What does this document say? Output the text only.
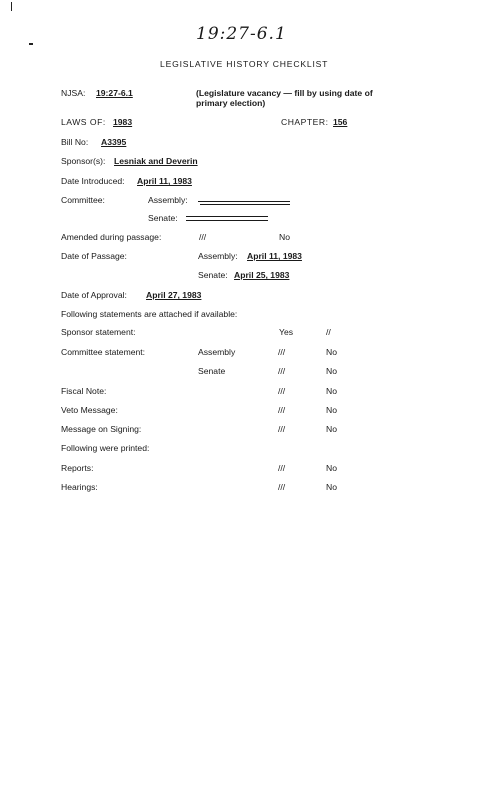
19:27-6.1
LEGISLATIVE HISTORY CHECKLIST
NJSA: 19:27-6.1	(Legislature vacancy — fill by using date of
primary election)
LAWS OF: 1983	CHAPTER: 156
Bill No: A3395
Sponsor(s): Lesniak and Deverin
Date Introduced: April 11, 1983
Committee:	Assembly:
Senate:
Amended during passage:	///	No
Date of Passage:	Assembly: April 11, 1983
Senate: April 25, 1983
Date of Approval: April 27, 1983
Following statements are attached if available:
Sponsor statement:	Yes	//
Committee statement:	Assembly	///	No
Senate	///	No
Fiscal Note:	///	No
Veto Message:	///	No
Message on Signing:	///	No
Following were printed:
Reports:	///	No
Hearings:	///	No
